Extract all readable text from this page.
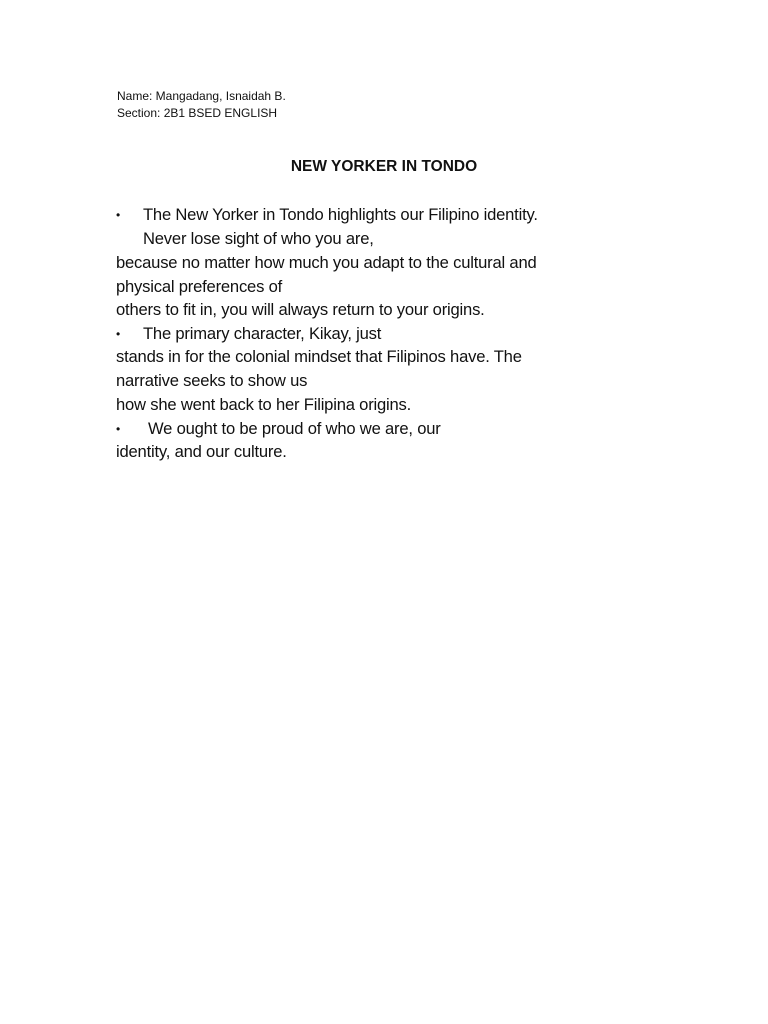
Name: Mangadang, Isnaidah B.
Section: 2B1 BSED ENGLISH
NEW YORKER IN TONDO
• The New Yorker in Tondo highlights our Filipino identity.
Never lose sight of who you are,
because no matter how much you adapt to the cultural and
physical preferences of
others to fit in, you will always return to your origins.
• The primary character, Kikay, just
stands in for the colonial mindset that Filipinos have. The
narrative seeks to show us
how she went back to her Filipina origins.
• We ought to be proud of who we are, our
identity, and our culture.
